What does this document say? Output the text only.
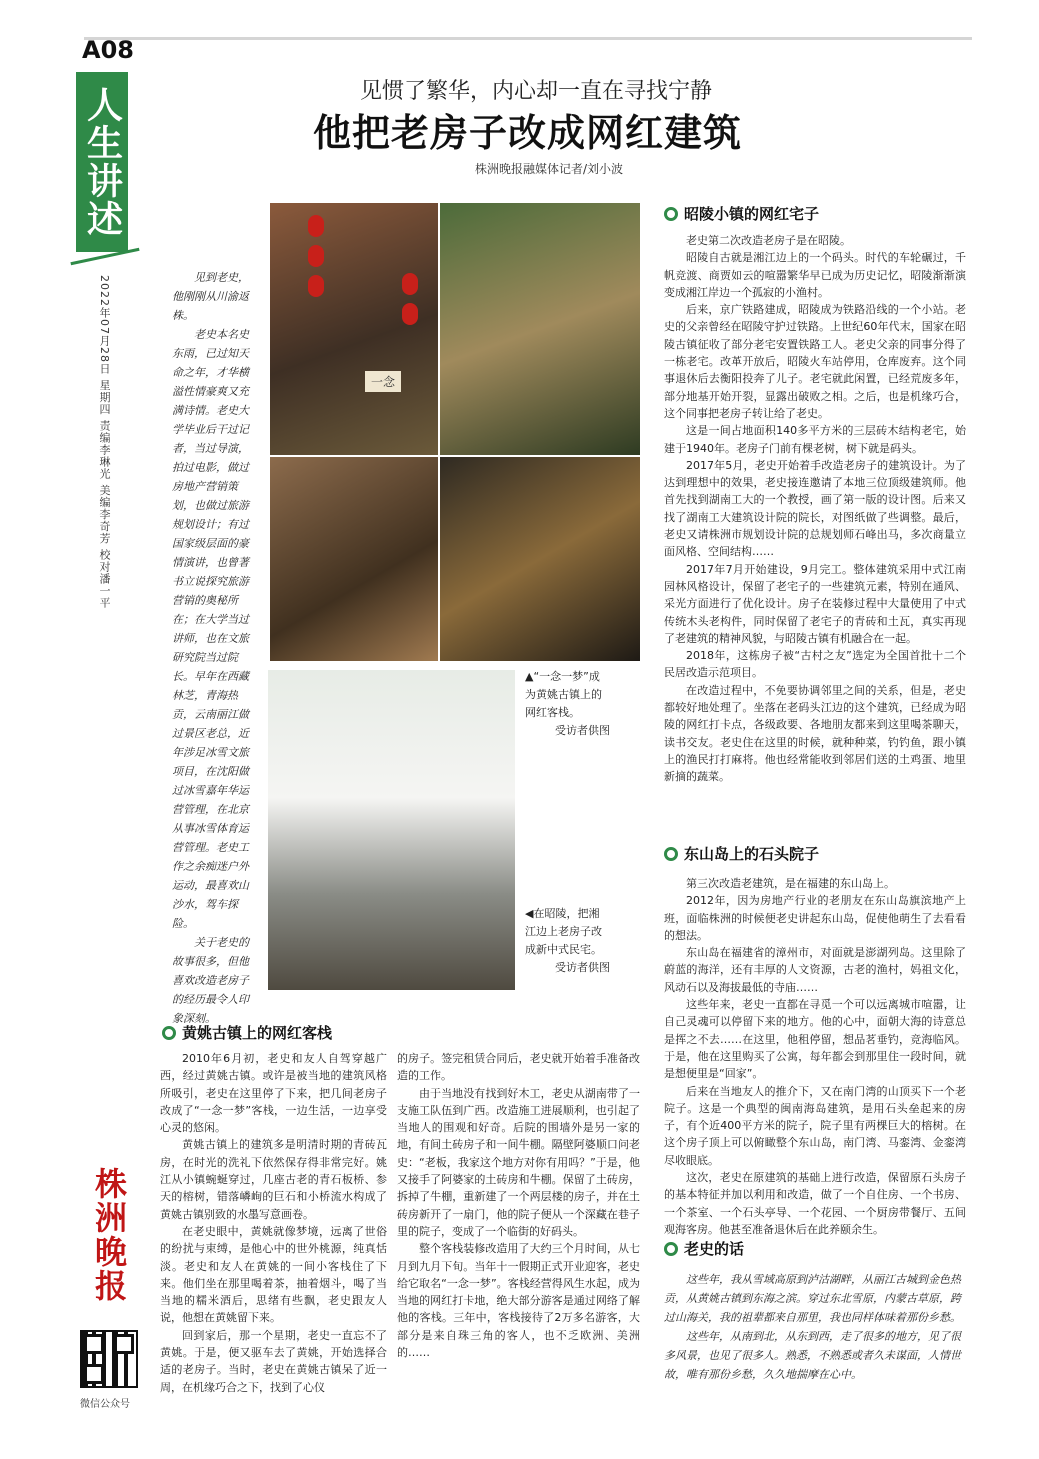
A08
人生讲述
2022年07月28日 星期四 责编李琳光 美编李奇芳 校对潘一平
株洲晚报
微信公众号
见惯了繁华，内心却一直在寻找宁静
他把老房子改成网红建筑
株洲晚报融媒体记者/刘小波

见到老史，他刚刚从川渝返株。

老史本名史东雨，已过知天命之年，才华横溢性情豪爽又充满诗情。老史大学毕业后干过记者，当过导演，拍过电影，做过房地产营销策划，也做过旅游规划设计；有过国家级层面的豪情演讲，也曾著书立说探究旅游营销的奥秘所在；在大学当过讲师，也在文旅研究院当过院长。早年在西藏林芝，青海热贡，云南丽江做过景区老总，近年涉足冰雪文旅项目，在沈阳做过冰雪嘉年华运营管理，在北京从事冰雪体育运营管理。老史工作之余痴迷户外运动，最喜欢山沙水，驾车探险。

关于老史的故事很多，但他喜欢改造老房子的经历最令人印象深刻。

一念
▲“一念一梦”成为黄姚古镇上的网红客栈。
受访者供图
◀在昭陵，把湘江边上老房子改成新中式民宅。
受访者供图
昭陵小镇的网红宅子

老史第二次改造老房子是在昭陵。

昭陵自古就是湘江边上的一个码头。时代的车轮碾过，千帆竞渡、商贾如云的喧嚣繁华早已成为历史记忆，昭陵渐渐演变成湘江岸边一个孤寂的小渔村。

后来，京广铁路建成，昭陵成为铁路沿线的一个小站。老史的父亲曾经在昭陵守护过铁路。上世纪60年代末，国家在昭陵古镇征收了部分老宅安置铁路工人。老史父亲的同事分得了一栋老宅。改革开放后，昭陵火车站停用，仓库废弃。这个同事退休后去衡阳投奔了儿子。老宅就此闲置，已经荒废多年，部分地基开始开裂，显露出破败之相。之后，也是机缘巧合，这个同事把老房子转让给了老史。

这是一间占地面积140多平方米的三层砖木结构老宅，始建于1940年。老房子门前有棵老树，树下就是码头。

2017年5月，老史开始着手改造老房子的建筑设计。为了达到理想中的效果，老史接连邀请了本地三位顶级建筑师。他首先找到湖南工大的一个教授，画了第一版的设计图。后来又找了湖南工大建筑设计院的院长，对图纸做了些调整。最后，老史又请株洲市规划设计院的总规划师石峰出马，多次商量立面风格、空间结构……

2017年7月开始建设，9月完工。整体建筑采用中式江南园林风格设计，保留了老宅子的一些建筑元素，特别在通风、采光方面进行了优化设计。房子在装修过程中大量使用了中式传统木头老构件，同时保留了老宅子的青砖和土瓦，真实再现了老建筑的精神风貌，与昭陵古镇有机融合在一起。

2018年，这栋房子被“古村之友”选定为全国首批十二个民居改造示范项目。

在改造过程中，不免要协调邻里之间的关系，但是，老史都较好地处理了。坐落在老码头江边的这个建筑，已经成为昭陵的网红打卡点，各级政要、各地朋友都来到这里喝茶聊天，读书交友。老史住在这里的时候，就种种菜，钓钓鱼，跟小镇上的渔民打打麻将。他也经常能收到邻居们送的土鸡蛋、地里新摘的蔬菜。

东山岛上的石头院子

第三次改造老建筑，是在福建的东山岛上。

2012年，因为房地产行业的老朋友在东山岛旗滨地产上班，面临株洲的时候便老史讲起东山岛，促使他萌生了去看看的想法。

东山岛在福建省的漳州市，对面就是澎湖列岛。这里除了蔚蓝的海洋，还有丰厚的人文资源，古老的渔村，妈祖文化，风动石以及海拔最低的寺庙……

这些年来，老史一直都在寻觅一个可以远离城市喧嚣，让自己灵魂可以停留下来的地方。他的心中，面朝大海的诗意总是挥之不去……在这里，他租停留，想品茗垂钓，竞海临风。于是，他在这里购买了公寓，每年都会到那里住一段时间，就是想便里是“回家”。

后来在当地友人的推介下，又在南门湾的山顶买下一个老院子。这是一个典型的闽南海岛建筑，是用石头垒起来的房子，有个近400平方米的院子，院子里有两棵巨大的榕树。在这个房子顶上可以俯瞰整个东山岛，南门湾、马銮湾、金銮湾尽收眼底。

这次，老史在原建筑的基础上进行改造，保留原石头房子的基本特征并加以利用和改造，做了一个自住房、一个书房、一个茶室、一个石头亭导、一个花园、一个厨房带餐厅、五间观海客房。他甚至准备退休后在此养颐余生。

老史的话

这些年，我从雪域高原到泸沽湖畔，从丽江古城到金色热贡，从黄姚古镇到东海之滨。穿过东北雪原，内蒙古草原，跨过山海关，我的祖辈都来自那里，我也同样体味着那份乡愁。

这些年，从南到北，从东到西，走了很多的地方，见了很多风景，也见了很多人。熟悉，不熟悉或者久未谋面，人情世故，唯有那份乡愁，久久地揣摩在心中。

黄姚古镇上的网红客栈

2010年6月初，老史和友人自驾穿越广西，经过黄姚古镇。或许是被当地的建筑风格所吸引，老史在这里停了下来，把几间老房子改成了“一念一梦”客栈，一边生活，一边享受心灵的悠闲。

黄姚古镇上的建筑多是明清时期的青砖瓦房，在时光的洗礼下依然保存得非常完好。姚江从小镇蜿蜒穿过，几座古老的青石板桥、参天的榕树，错落嶙峋的巨石和小桥流水构成了黄姚古镇别致的水墨写意画卷。

在老史眼中，黄姚就像梦境，远离了世俗的纷扰与束缚，是他心中的世外桃源，纯真恬淡。老史和友人在黄姚的一间小客栈住了下来。他们坐在那里喝着茶，抽着烟斗，喝了当当地的糯米酒后，思绪有些飘，老史跟友人说，他想在黄姚留下来。

回到家后，那一个星期，老史一直忘不了黄姚。于是，便又驱车去了黄姚，开始选择合适的老房子。当时，老史在黄姚古镇呆了近一周，在机缘巧合之下，找到了心仪

的房子。签完租赁合同后，老史就开始着手准备改造的工作。

由于当地没有找到好木工，老史从湖南带了一支施工队伍到广西。改造施工进展顺利，也引起了当地人的围观和好奇。后院的围墙外是另一家的地，有间土砖房子和一间牛棚。隔壁阿婆顺口问老史：“老板，我家这个地方对你有用吗？”于是，他又接手了阿婆家的土砖房和牛棚。保留了土砖房，拆掉了牛棚，重新建了一个两层楼的房子，并在土砖房新开了一扇门，他的院子便从一个深藏在巷子里的院子，变成了一个临街的好码头。

整个客栈装修改造用了大约三个月时间，从七月到九月下旬。当年十一假期正式开业迎客，老史给它取名“一念一梦”。客栈经营得风生水起，成为当地的网红打卡地，绝大部分游客是通过网络了解他的客栈。三年中，客栈接待了2万多名游客，大部分是来自珠三角的客人，也不乏欧洲、美洲的……
